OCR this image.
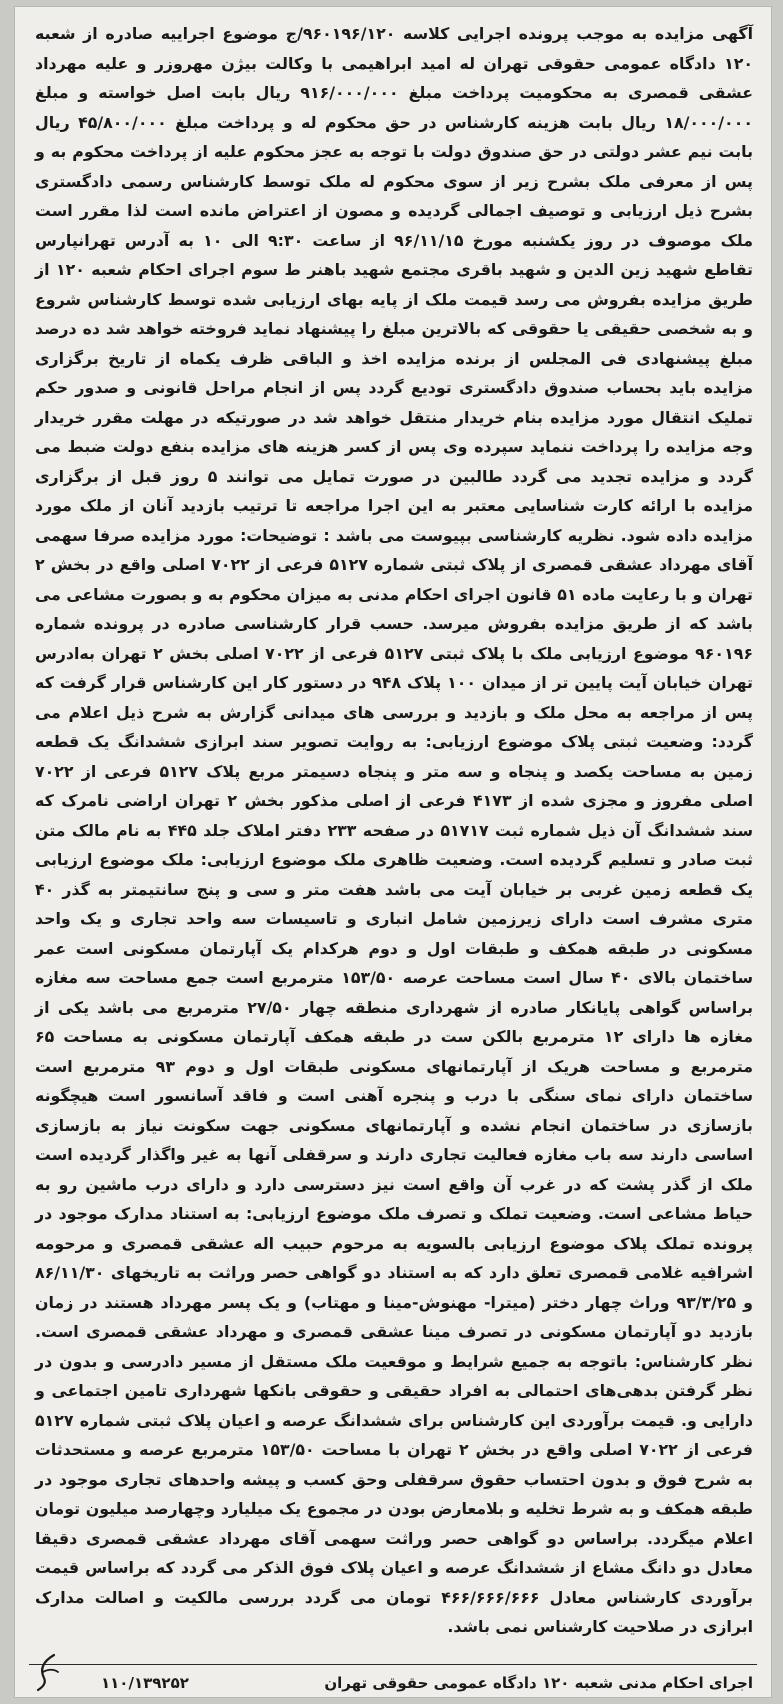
آگهی مزایده به موجب پرونده اجرایی کلاسه ۹۶۰۱۹۶/۱۲۰/ج موضوع اجراییه صادره از شعبه ۱۲۰ دادگاه عمومی حقوقی تهران له امید ابراهیمی با وکالت بیژن مهروزر و علیه مهرداد عشقی قمصری به محکومیت پرداخت مبلغ ۹۱۶/۰۰۰/۰۰۰ ریال بابت اصل خواسته و مبلغ ۱۸/۰۰۰/۰۰۰ ریال بابت هزینه کارشناس در حق محکوم له و پرداخت مبلغ ۴۵/۸۰۰/۰۰۰ ریال بابت نیم عشر دولتی در حق صندوق دولت با توجه به عجز محکوم علیه از پرداخت محکوم به و پس از معرفی ملک بشرح زیر از سوی محکوم له ملک توسط کارشناس رسمی دادگستری بشرح ذیل ارزیابی و توصیف اجمالی گردیده و مصون از اعتراض مانده است لذا مقرر است ملک موصوف در روز یکشنبه مورخ ۹۶/۱۱/۱۵ از ساعت ۹:۳۰ الی ۱۰ به آدرس تهرانپارس تقاطع شهید زین الدین و شهید باقری مجتمع شهید باهنر ط سوم اجرای احکام شعبه ۱۲۰ از طریق مزایده بفروش می رسد قیمت ملک از پایه بهای ارزیابی شده توسط کارشناس شروع و به شخصی حقیقی یا حقوقی که بالاترین مبلغ را پیشنهاد نماید فروخته خواهد شد ده درصد مبلغ پیشنهادی فی المجلس از برنده مزایده اخذ و الباقی ظرف یکماه از تاریخ برگزاری مزایده باید بحساب صندوق دادگستری تودیع گردد پس از انجام مراحل قانونی و صدور حکم تملیک انتقال مورد مزایده بنام خریدار منتقل خواهد شد در صورتیکه در مهلت مقرر خریدار وجه مزایده را پرداخت ننماید سپرده وی پس از کسر هزینه های مزایده بنفع دولت ضبط می گردد و مزایده تجدید می گردد طالبین در صورت تمایل می توانند ۵ روز قبل از برگزاری مزایده با ارائه کارت شناسایی معتبر به این اجرا مراجعه تا ترتیب بازدید آنان از ملک مورد مزایده داده شود. نظریه کارشناسی بپیوست می باشد : توضیحات: مورد مزایده صرفا سهمی آقای مهرداد عشقی قمصری از پلاک ثبتی شماره ۵۱۲۷ فرعی از ۷۰۲۲ اصلی واقع در بخش ۲ تهران و با رعایت ماده ۵۱ قانون اجرای احکام مدنی به میزان محکوم به و بصورت مشاعی می باشد که از طریق مزایده بفروش میرسد. حسب قرار کارشناسی صادره در پرونده شماره ۹۶۰۱۹۶ موضوع ارزیابی ملک با پلاک ثبتی ۵۱۲۷ فرعی از ۷۰۲۲ اصلی بخش ۲ تهران به‌ادرس تهران خیابان آیت پایین تر از میدان ۱۰۰ پلاک ۹۴۸ در دستور کار این کارشناس قرار گرفت که پس از مراجعه به محل ملک و بازدید و بررسی های میدانی گزارش به شرح ذیل اعلام می گردد: وضعیت ثبتی پلاک موضوع ارزیابی: به روایت تصویر سند ابرازی ششدانگ یک قطعه زمین به مساحت یکصد و پنجاه و سه متر و پنجاه دسیمتر مربع پلاک ۵۱۲۷ فرعی از ۷۰۲۲ اصلی مفروز و مجزی شده از ۴۱۷۳ فرعی از اصلی مذکور بخش ۲ تهران اراضی نامرک که سند ششدانگ آن ذیل شماره ثبت ۵۱۷۱۷ در صفحه ۲۳۳ دفتر املاک جلد ۴۴۵ به نام مالک متن ثبت صادر و تسلیم گردیده است. وضعیت ظاهری ملک موضوع ارزیابی: ملک موضوع ارزیابی یک قطعه زمین غربی بر خیابان آیت می باشد هفت متر و سی و پنج سانتیمتر به گذر ۴۰ متری مشرف است دارای زیرزمین شامل انباری و تاسیسات سه واحد تجاری و یک واحد مسکونی در طبقه همکف و طبقات اول و دوم هرکدام یک آپارتمان مسکونی است عمر ساختمان بالای ۴۰ سال است مساحت عرصه ۱۵۳/۵۰ مترمربع است جمع مساحت سه مغازه براساس گواهی پایانکار صادره از شهرداری منطقه چهار ۲۷/۵۰ مترمربع می باشد یکی از مغازه ها دارای ۱۲ مترمربع بالکن ست در طبقه همکف آپارتمان مسکونی به مساحت ۶۵ مترمربع و مساحت هریک از آپارتمانهای مسکونی طبقات اول و دوم ۹۳ مترمربع است ساختمان دارای نمای سنگی با درب و پنجره آهنی است و فاقد آسانسور است هیچگونه بازسازی در ساختمان انجام نشده و آپارتمانهای مسکونی جهت سکونت نیاز به بازسازی اساسی دارند سه باب مغازه فعالیت تجاری دارند و سرقفلی آنها به غیر واگذار گردیده است ملک از گذر پشت که در غرب آن واقع است نیز دسترسی دارد و دارای درب ماشین رو به حیاط مشاعی است. وضعیت تملک و تصرف ملک موضوع ارزیابی: به استناد مدارک موجود در پرونده تملک پلاک موضوع ارزیابی بالسویه به مرحوم حبیب اله عشقی قمصری و مرحومه اشرافیه غلامی قمصری تعلق دارد که به استناد دو گواهی حصر وراثت به تاریخهای ۸۶/۱۱/۳۰ و ۹۳/۳/۲۵ وراث چهار دختر (میترا- مهنوش-مینا و مهتاب) و یک پسر مهرداد هستند در زمان بازدید دو آپارتمان مسکونی در تصرف مینا عشقی قمصری و مهرداد عشقی قمصری است. نظر کارشناس: باتوجه به جمیع شرایط و موقعیت ملک مستقل از مسیر دادرسی و بدون در نظر گرفتن بدهی‌های احتمالی به افراد حقیقی و حقوقی بانکها شهرداری تامین اجتماعی و دارایی و. قیمت برآوردی این کارشناس برای ششدانگ عرصه و اعیان پلاک ثبتی شماره ۵۱۲۷ فرعی از ۷۰۲۲ اصلی واقع در بخش ۲ تهران با مساحت ۱۵۳/۵۰ مترمربع عرصه و مستحدثات به شرح فوق و بدون احتساب حقوق سرقفلی وحق کسب و پیشه واحدهای تجاری موجود در طبقه همکف و به شرط تخلیه و بلامعارض بودن در مجموع یک میلیارد وچهارصد میلیون تومان اعلام میگردد. براساس دو گواهی حصر وراثت سهمی آقای مهرداد عشقی قمصری دقیقا معادل دو دانگ مشاع از ششدانگ عرصه و اعیان پلاک فوق الذکر می گردد که براساس قیمت برآوردی کارشناس معادل ۴۶۶/۶۶۶/۶۶۶ تومان می گردد بررسی مالکیت و اصالت مدارک ابرازی در صلاحیت کارشناس نمی باشد.
اجرای احکام مدنی شعبه ۱۲۰ دادگاه عمومی حقوقی تهران
۱۱۰/۱۳۹۲۵۲
